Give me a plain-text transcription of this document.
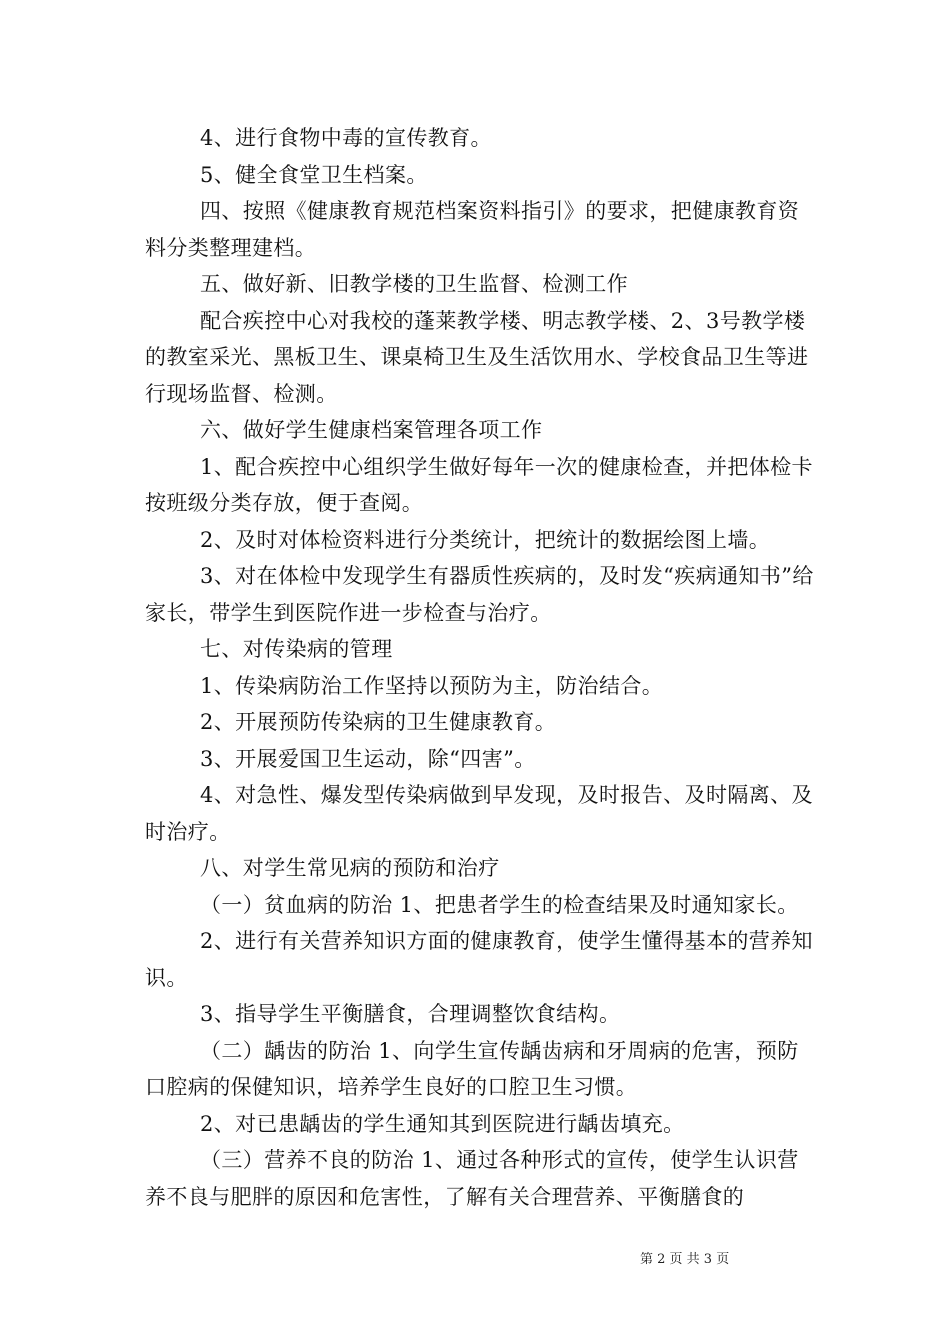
4、进行食物中毒的宣传教育。

5、健全食堂卫生档案。

四、按照《健康教育规范档案资料指引》的要求，把健康教育资料分类整理建档。

五、做好新、旧教学楼的卫生监督、检测工作

配合疾控中心对我校的蓬莱教学楼、明志教学楼、2、3号教学楼的教室采光、黑板卫生、课桌椅卫生及生活饮用水、学校食品卫生等进行现场监督、检测。

六、做好学生健康档案管理各项工作

1、配合疾控中心组织学生做好每年一次的健康检查，并把体检卡按班级分类存放，便于查阅。

2、及时对体检资料进行分类统计，把统计的数据绘图上墙。

3、对在体检中发现学生有器质性疾病的，及时发“疾病通知书”给家长，带学生到医院作进一步检查与治疗。

七、对传染病的管理

1、传染病防治工作坚持以预防为主，防治结合。

2、开展预防传染病的卫生健康教育。

3、开展爱国卫生运动，除“四害”。

4、对急性、爆发型传染病做到早发现，及时报告、及时隔离、及时治疗。

八、对学生常见病的预防和治疗

（一）贫血病的防治 1、把患者学生的检查结果及时通知家长。

2、进行有关营养知识方面的健康教育，使学生懂得基本的营养知识。

3、指导学生平衡膳食，合理调整饮食结构。

（二）龋齿的防治 1、向学生宣传龋齿病和牙周病的危害，预防口腔病的保健知识，培养学生良好的口腔卫生习惯。

2、对已患龋齿的学生通知其到医院进行龋齿填充。

（三）营养不良的防治 1、通过各种形式的宣传，使学生认识营养不良与肥胖的原因和危害性，了解有关合理营养、平衡膳食的

第 2 页 共 3 页
